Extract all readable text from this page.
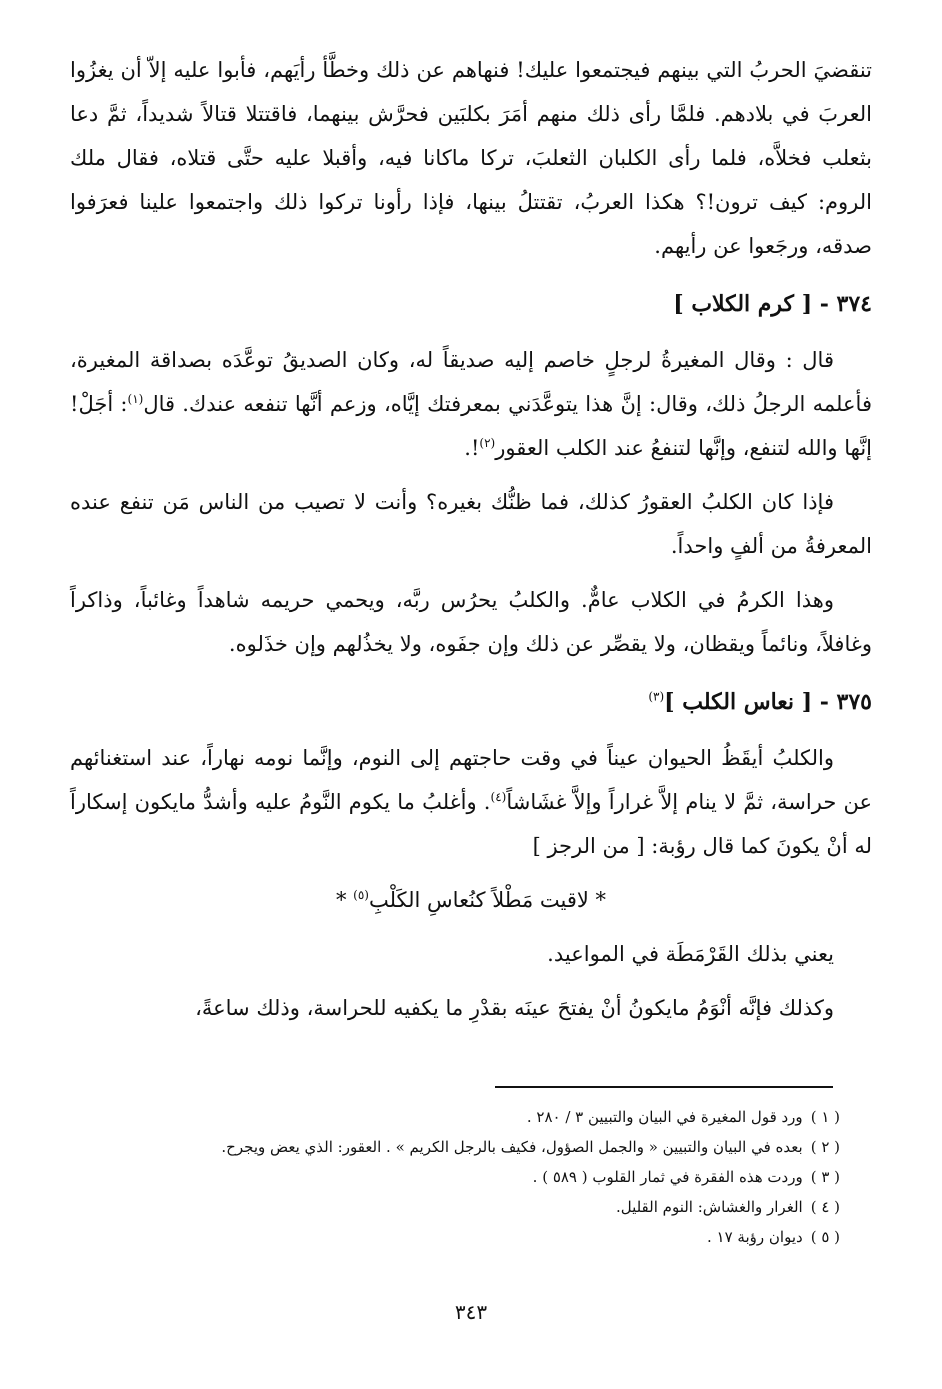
تنقضيَ الحربُ التي بينهم فيجتمعوا عليك! فنهاهم عن ذلك وخطَّأ رأيَهم، فأبوا عليه إلاّ أن يغزُوا العربَ في بلادهم. فلمَّا رأى ذلك منهم أمَرَ بكلبَين فحرَّش بينهما، فاقتتلا قتالاً شديداً، ثمَّ دعا بثعلب فخلاَّه، فلما رأى الكلبان الثعلبَ، تركا ماكانا فيه، وأقبلا عليه حتَّى قتلاه، فقال ملك الروم: كيف ترون!؟ هكذا العربُ، تقتتلُ بينها، فإذا رأونا تركوا ذلك واجتمعوا علينا فعرَفوا صدقه، ورجَعوا عن رأيهم.

٣٧٤ - [ كرم الكلاب ]

قال : وقال المغيرةُ لرجلٍ خاصم إليه صديقاً له، وكان الصديقُ توعَّدَه بصداقة المغيرة، فأعلمه الرجلُ ذلك، وقال: إنَّ هذا يتوعَّدَني بمعرفتك إيَّاه، وزعم أنَّها تنفعه عندك. قال$^{(١)}$: أجَلْ! إنَّها والله لتنفع، وإنَّها لتنفعُ عند الكلب العقور$^{(٢)}$!.

فإذا كان الكلبُ العقورُ كذلك، فما ظنُّك بغيره؟ وأنت لا تصيب من الناس مَن تنفع عنده المعرفةُ من ألفٍ واحداً.

وهذا الكرمُ في الكلاب عامٌّ. والكلبُ يحرُس ربَّه، ويحمي حريمه شاهداً وغائباً، وذاكراً وغافلاً، ونائماً ويقظان، ولا يقصِّر عن ذلك وإن جفَوه، ولا يخذُلهم وإن خذَلوه.

٣٧٥ - [ نعاس الكلب ]$^{(٣)}$

والكلبُ أيقَظُ الحيوان عيناً في وقت حاجتهم إلى النوم، وإنَّما نومه نهاراً، عند استغنائهم عن حراسة، ثمَّ لا ينام إلاَّ غراراً وإلاَّ غشَاشاً$^{(٤)}$. وأغلبُ ما يكوم النَّومُ عليه وأشدُّ مايكون إسكاراً له أنْ يكونَ كما قال رؤبة: [ من الرجز ]

* لاقيت مَطْلاً كنُعاسِ الكَلْبِ$^{(٥)}$ *

يعني بذلك القَرْمَطَة في المواعيد.

وكذلك فإنَّه أنْوَمُ مايكونُ أنْ يفتحَ عينَه بقدْرِ ما يكفيه للحراسة، وذلك ساعةً،

( ١ )ورد قول المغيرة في البيان والتبيين ٣ / ٢٨٠ .

( ٢ )بعده في البيان والتبيين « والجمل الصؤول، فكيف بالرجل الكريم » . العقور: الذي يعض ويجرح.

( ٣ )وردت هذه الفقرة في ثمار القلوب ( ٥٨٩ ) .

( ٤ )الغرار والغشاش: النوم القليل.

( ٥ )ديوان رؤبة ١٧ .

٣٤٣
